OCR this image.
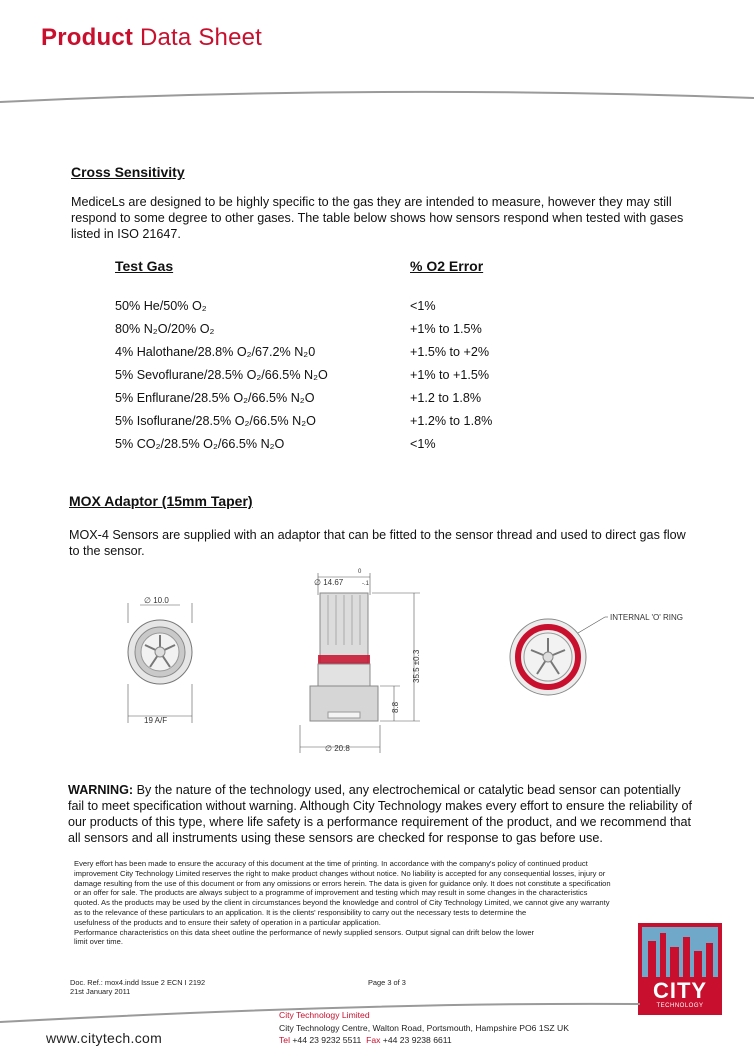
Product Data Sheet
Cross Sensitivity
MediceLs are designed to be highly specific to the gas they are intended to measure, however they may still
respond to some degree to other gases. The table below shows how sensors respond when tested with gases
listed in ISO 21647.
Test Gas	% O2 Error
50% He/50% O₂	<1%
80% N₂O/20% O₂	+1% to 1.5%
4% Halothane/28.8% O₂/67.2% N₂0	+1.5% to +2%
5% Sevoflurane/28.5% O₂/66.5% N₂O	+1% to +1.5%
5% Enflurane/28.5% O₂/66.5% N₂O	+1.2 to 1.8%
5% Isoflurane/28.5% O₂/66.5% N₂O	+1.2% to 1.8%
5% CO₂/28.5% O₂/66.5% N₂O	<1%
MOX Adaptor (15mm Taper)
MOX-4 Sensors are supplied with an adaptor that can be fitted to the sensor thread and used to direct gas flow
to the sensor.
∅ 10.0
19 A/F
∅ 14.67
0
-.1
35.5 ±0.3
8.8
∅ 20.8
INTERNAL 'O' RING
WARNING: By the nature of the technology used, any electrochemical or catalytic bead sensor can potentially
fail to meet specification without warning. Although City Technology makes every effort to ensure the reliability of
our products of this type, where life safety is a performance requirement of the product, and we recommend that
all sensors and all instruments using these sensors are checked for response to gas before use.
Every effort has been made to ensure the accuracy of this document at the time of printing. In accordance with the company's policy of continued product
improvement City Technology Limited reserves the right to make product changes without notice. No liability is accepted for any consequential losses, injury or
damage resulting from the use of this document or from any omissions or errors herein. The data is given for guidance only. It does not constitute a specification
or an offer for sale. The products are always subject to a programme of improvement and testing which may result in some changes in the characteristics
quoted. As the products may be used by the client in circumstances beyond the knowledge and control of City Technology Limited, we cannot give any warranty
as to the relevance of these particulars to an application. It is the clients' responsibility to carry out the necessary tests to determine the
usefulness of the products and to ensure their safety of operation in a particular application.
Performance characteristics on this data sheet outline the performance of newly supplied sensors. Output signal can drift below the lower
limit over time.
Doc. Ref.: mox4.indd Issue 2 ECN I 2192
21st January 2011
Page 3 of 3	CITY
TECHNOLOGY
www.citytech.com
City Technology Limited
City Technology Centre, Walton Road, Portsmouth, Hampshire PO6 1SZ UK
Tel +44 23 9232 5511 Fax +44 23 9238 6611
